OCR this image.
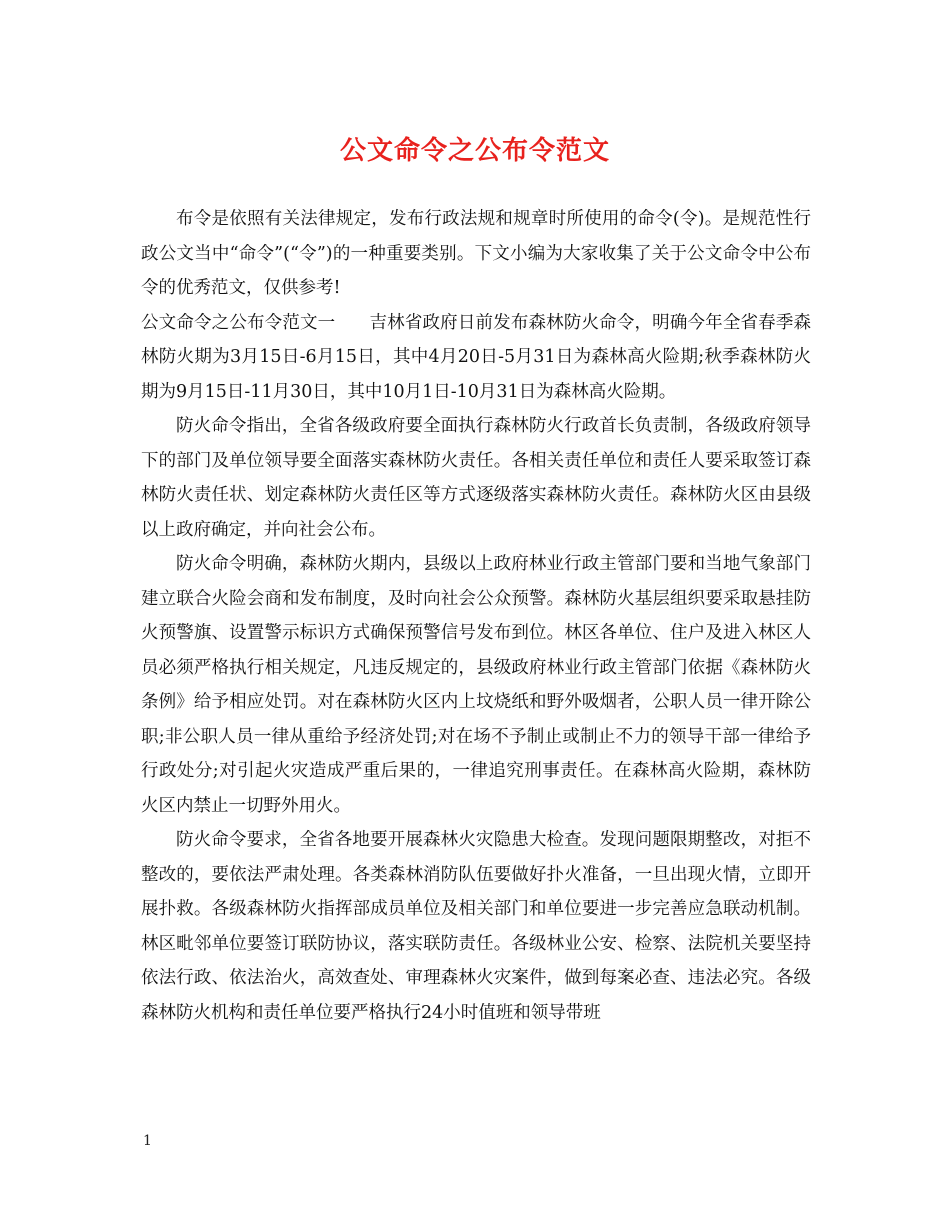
公文命令之公布令范文

布令是依照有关法律规定，发布行政法规和规章时所使用的命令(令)。是规范性行政公文当中“命令”(“令”)的一种重要类别。下文小编为大家收集了关于公文命令中公布令的优秀范文，仅供参考!

公文命令之公布令范文一 吉林省政府日前发布森林防火命令，明确今年全省春季森林防火期为3月15日-6月15日，其中4月20日-5月31日为森林高火险期;秋季森林防火期为9月15日-11月30日，其中10月1日-10月31日为森林高火险期。

防火命令指出，全省各级政府要全面执行森林防火行政首长负责制，各级政府领导下的部门及单位领导要全面落实森林防火责任。各相关责任单位和责任人要采取签订森林防火责任状、划定森林防火责任区等方式逐级落实森林防火责任。森林防火区由县级以上政府确定，并向社会公布。

防火命令明确，森林防火期内，县级以上政府林业行政主管部门要和当地气象部门建立联合火险会商和发布制度，及时向社会公众预警。森林防火基层组织要采取悬挂防火预警旗、设置警示标识方式确保预警信号发布到位。林区各单位、住户及进入林区人员必须严格执行相关规定，凡违反规定的，县级政府林业行政主管部门依据《森林防火条例》给予相应处罚。对在森林防火区内上坟烧纸和野外吸烟者，公职人员一律开除公职;非公职人员一律从重给予经济处罚;对在场不予制止或制止不力的领导干部一律给予行政处分;对引起火灾造成严重后果的，一律追究刑事责任。在森林高火险期，森林防火区内禁止一切野外用火。

防火命令要求，全省各地要开展森林火灾隐患大检查。发现问题限期整改，对拒不整改的，要依法严肃处理。各类森林消防队伍要做好扑火准备，一旦出现火情，立即开展扑救。各级森林防火指挥部成员单位及相关部门和单位要进一步完善应急联动机制。林区毗邻单位要签订联防协议，落实联防责任。各级林业公安、检察、法院机关要坚持依法行政、依法治火，高效查处、审理森林火灾案件，做到每案必查、违法必究。各级森林防火机构和责任单位要严格执行24小时值班和领导带班

1
